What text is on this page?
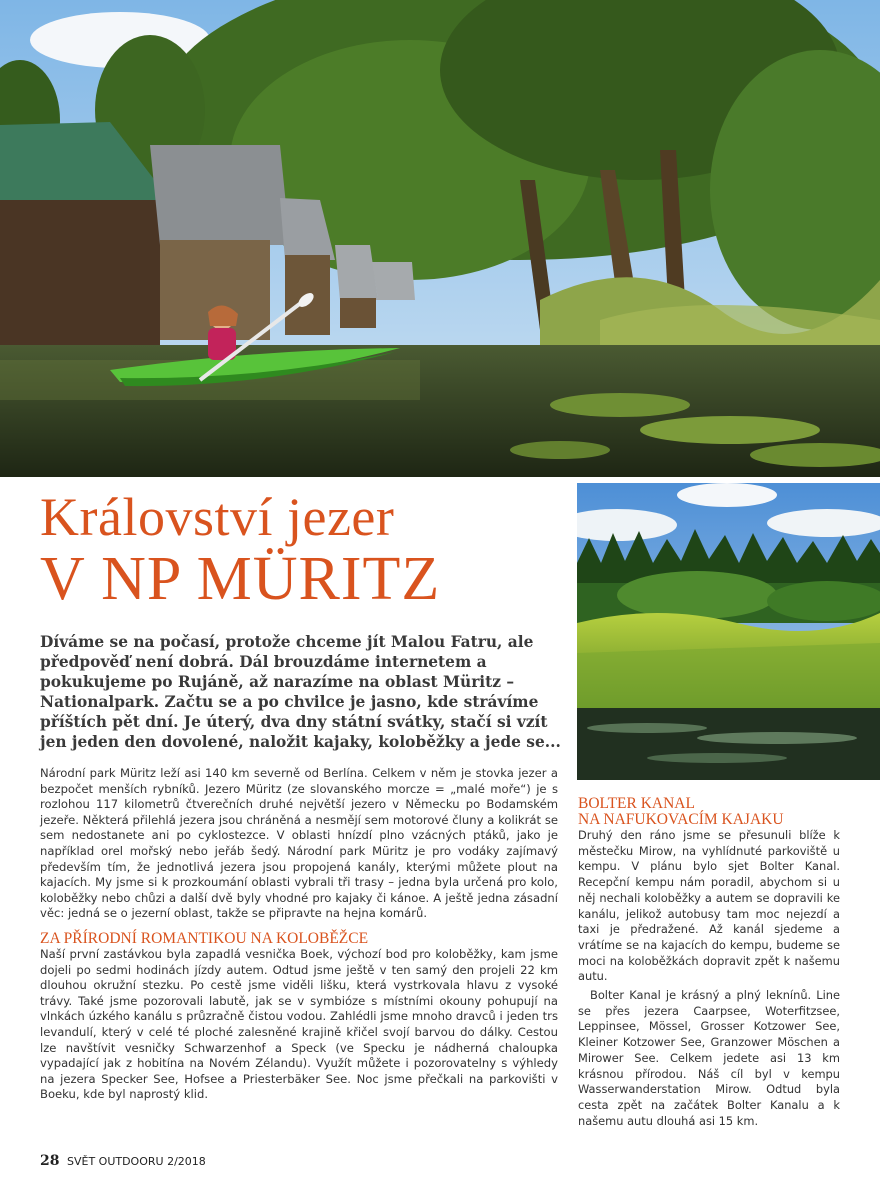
Království jezer
V NP MÜRITZ

Díváme se na počasí, protože chceme jít Malou Fatru, ale předpověď není dobrá. Dál brouzdáme internetem a pokukujeme po Rujáně, až narazíme na oblast Müritz – Nationalpark. Začtu se a po chvilce je jasno, kde strávíme příštích pět dní. Je úterý, dva dny státní svátky, stačí si vzít jen jeden den dovolené, naložit kajaky, koloběžky a jede se...

Národní park Müritz leží asi 140 km severně od Berlína. Celkem v něm je stovka jezer a bezpočet menších rybníků. Jezero Müritz (ze slovanského morcze = „malé moře“) je s rozlohou 117 kilometrů čtverečních druhé největší jezero v Německu po Bodamském jezeře. Některá přilehlá jezera jsou chráněná a nesmějí sem motorové čluny a kolikrát se sem nedostanete ani po cyklostezce. V oblasti hnízdí plno vzácných ptáků, jako je například orel mořský nebo jeřáb šedý. Národní park Müritz je pro vodáky zajímavý především tím, že jednotlivá jezera jsou propojená kanály, kterými můžete plout na kajacích. My jsme si k prozkoumání oblasti vybrali tři trasy – jedna byla určená pro kolo, koloběžky nebo chůzi a další dvě byly vhodné pro kajaky či kánoe. A ještě jedna zásadní věc: jedná se o jezerní oblast, takže se připravte na hejna komárů.

ZA PŘÍRODNÍ ROMANTIKOU NA KOLOBĚŽCE

Naší první zastávkou byla zapadlá vesnička Boek, výchozí bod pro koloběžky, kam jsme dojeli po sedmi hodinách jízdy autem. Odtud jsme ještě v ten samý den projeli 22 km dlouhou okružní stezku. Po cestě jsme viděli lišku, která vystrkovala hlavu z vysoké trávy. Také jsme pozorovali labutě, jak se v symbióze s místními okouny pohupují na vlnkách úzkého kanálu s průzračně čistou vodou. Zahlédli jsme mnoho dravců i jeden trs levandulí, který v celé té ploché zalesněné krajině křičel svojí barvou do dálky. Cestou lze navštívit vesničky Schwarzenhof a Speck (ve Specku je nádherná chaloupka vypadající jak z hobitína na Novém Zélandu). Využít můžete i pozorovatelny s výhledy na jezera Specker See, Hofsee a Priesterbäker See. Noc jsme přečkali na parkovišti v Boeku, kde byl naprostý klid.

BOLTER KANAL
NA NAFUKOVACÍM KAJAKU

Druhý den ráno jsme se přesunuli blíže k městečku Mirow, na vyhlídnuté parkoviště u kempu. V plánu bylo sjet Bolter Kanal. Recepční kempu nám poradil, abychom si u něj nechali koloběžky a autem se dopravili ke kanálu, jelikož autobusy tam moc nejezdí a taxi je předražené. Až kanál sjedeme a vrátíme se na kajacích do kempu, budeme se moci na koloběžkách dopravit zpět k našemu autu.

Bolter Kanal je krásný a plný leknínů. Line se přes jezera Caarpsee, Woterfitzsee, Leppinsee, Mössel, Grosser Kotzower See, Kleiner Kotzower See, Granzower Möschen a Mirower See. Celkem jedete asi 13 km krásnou přírodou. Náš cíl byl v kempu Wasserwanderstation Mirow. Odtud byla cesta zpět na začátek Bolter Kanalu a k našemu autu dlouhá asi 15 km.

28 SVĚT OUTDOORU 2/2018
